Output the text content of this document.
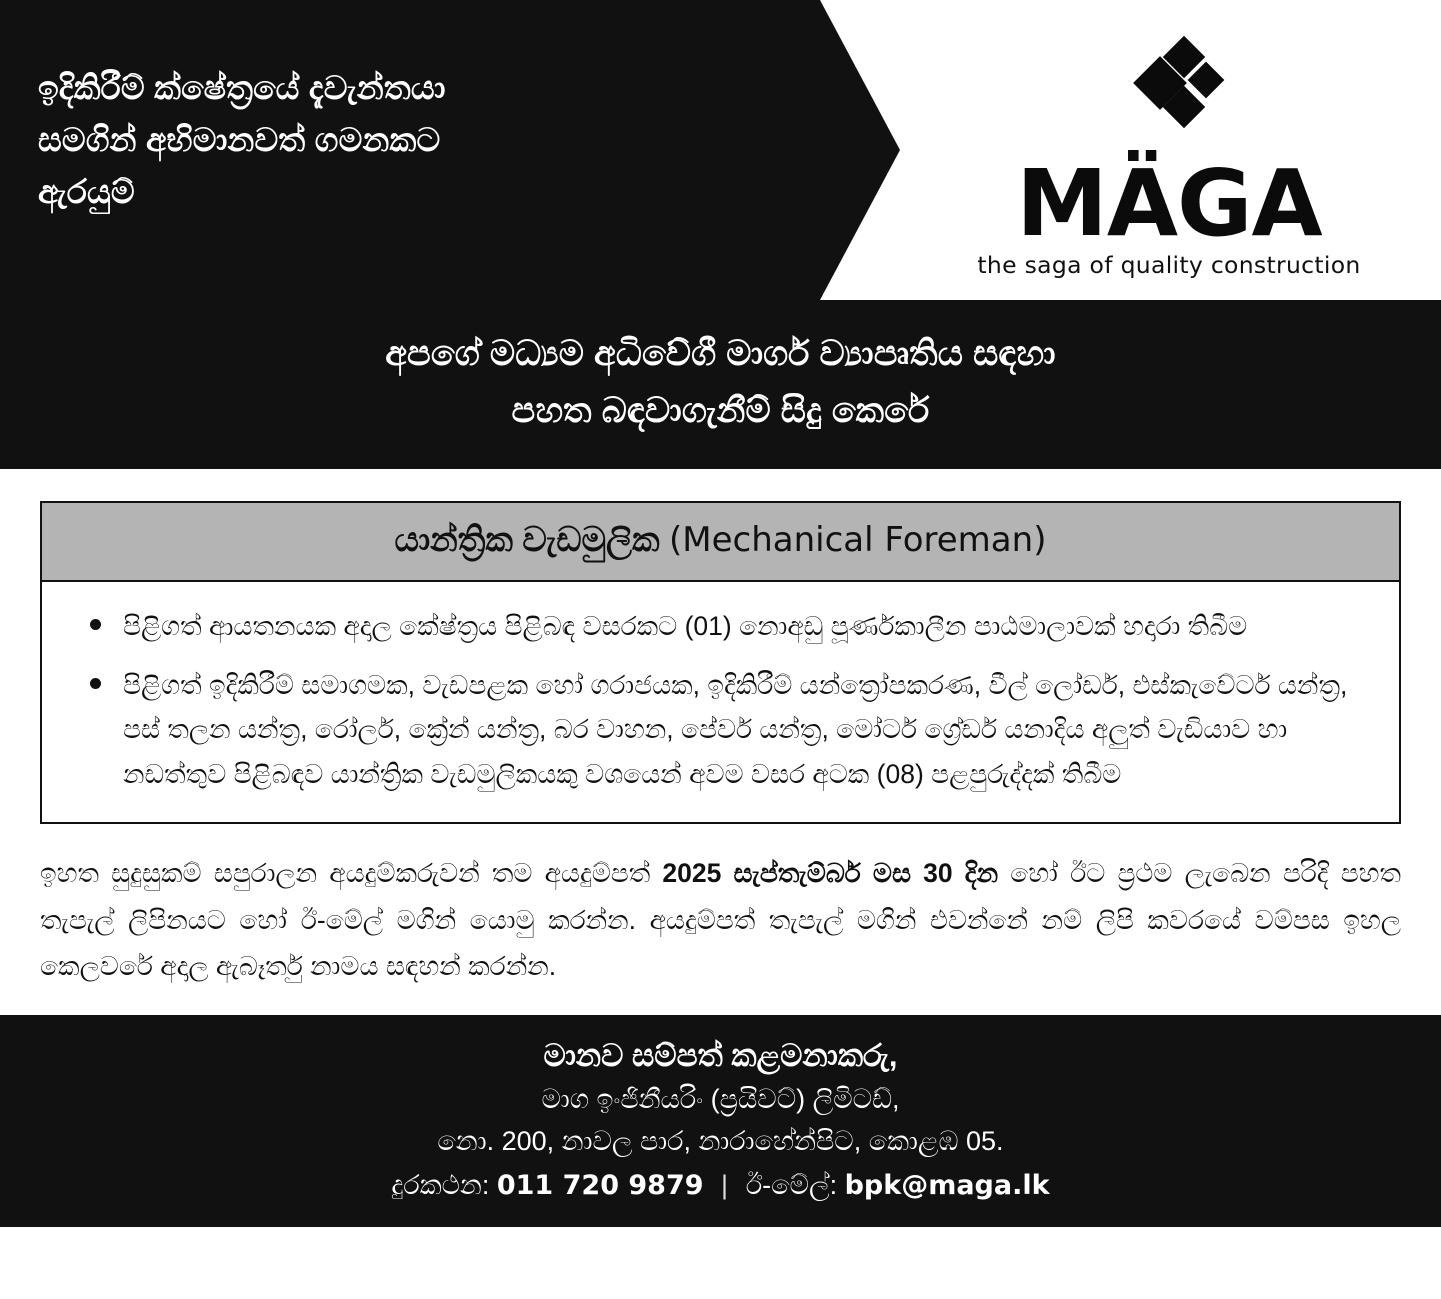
ඉදිකිරීම් ක්ෂේත්‍රයේ දැවැන්තයා
සමගින් අභිමානවත් ගමනකට
ඇරයුම්	MÄGA
the saga of quality construction
අපගේ මධ්‍යම අධිවේගී මාර්ග ව්‍යාපෘතිය සඳහා
පහත බඳවාගැනීම් සිදු කෙරේ
යාන්ත්‍රික වැඩමුලික (Mechanical Foreman)
පිළිගත් ආයතනයක අදාල කේෂ්ත්‍රය පිළිබඳ වසරකට (01) නොඅඩු පූර්ණකාලීන පාඨමාලාවක් හදාරා තිබීම
පිළිගත් ඉදිකිරීම් සමාගමක, වැඩපළක හෝ ගරාජයක, ඉදිකිරීම් යන්ත්‍රෝපකරණ, වීල් ලෝඩර්, එස්කැවේටර් යන්ත්‍ර, පස් තලන යන්ත්‍ර, රෝලර්, ක්‍රේන් යන්ත්‍ර, බර වාහන, පේවර් යන්ත්‍ර, මෝටර් ග්‍රේඩර් යනාදිය අලුත් වැඩියාව හා නඩත්තුව පිළිබඳව යාන්ත්‍රික වැඩමුලිකයකු වශයෙන් අවම වසර අටක (08) පළපුරුද්දක් තිබීම
ඉහත සුදුසුකම් සපුරාලන අයදුම්කරුවන් තම අයදුම්පත් 2025 සැප්තැම්බර් මස 30 දින හෝ ඊට ප්‍රථම ලැබෙන පරිදි පහත තැපැල් ලිපිනයට හෝ ඊ-මේල් මගින් යොමු කරන්න. අයදුම්පත් තැපැල් මගින් එවන්නේ නම් ලිපි කවරයේ වම්පස ඉහල කෙලවරේ අදාල ඇබෑර්තු නාමය සඳහන් කරන්න.
මානව සම්පත් කළමනාකරු,
මාග ඉංජිනීයරිං (ප්‍රයිවට්) ලිමිටඩ්,
නො. 200, නාවල පාර, නාරාහේන්පිට, කොළඹ 05.
දුරකථන: 011 720 9879 | ඊ-මේල්: bpk@maga.lk
